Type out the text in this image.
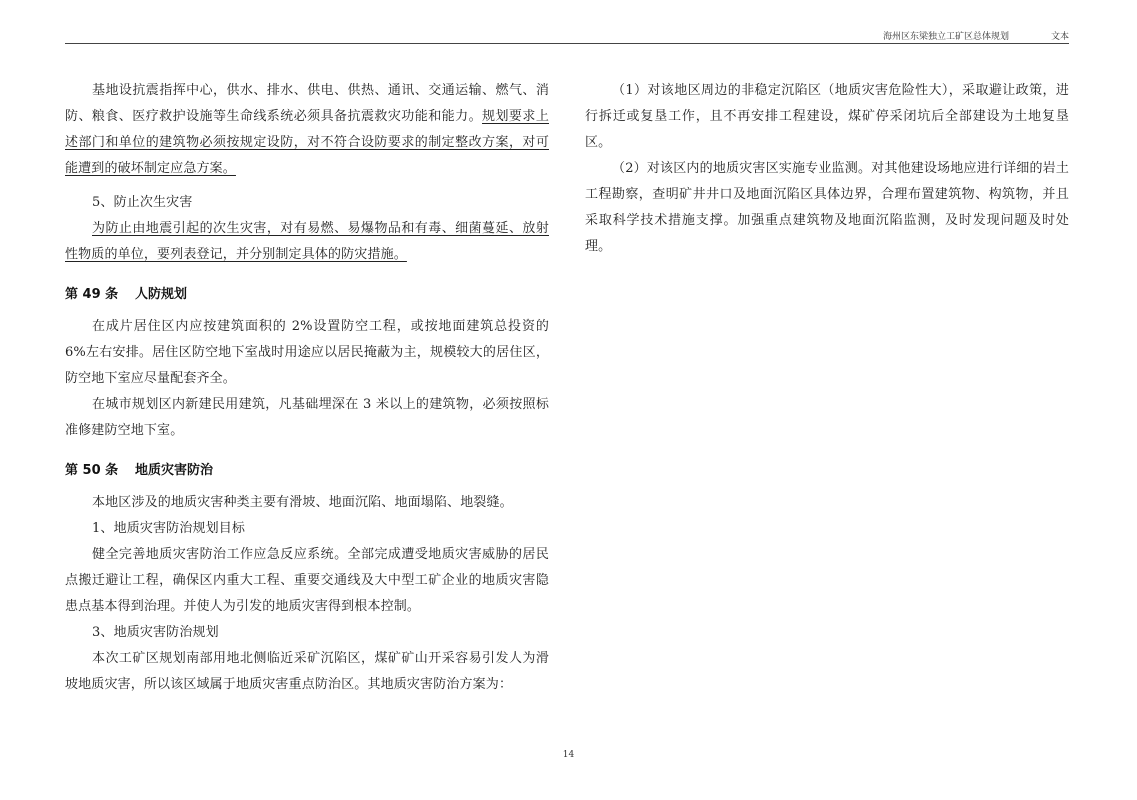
海州区东梁独立工矿区总体规划	文本

基地设抗震指挥中心，供水、排水、供电、供热、通讯、交通运输、燃气、消防、粮食、医疗救护设施等生命线系统必须具备抗震救灾功能和能力。规划要求上述部门和单位的建筑物必须按规定设防，对不符合设防要求的制定整改方案，对可能遭到的破坏制定应急方案。

5、防止次生灾害

为防止由地震引起的次生灾害，对有易燃、易爆物品和有毒、细菌蔓延、放射性物质的单位，要列表登记，并分别制定具体的防灾措施。

第 49 条 人防规划

在成片居住区内应按建筑面积的 2%设置防空工程，或按地面建筑总投资的 6%左右安排。居住区防空地下室战时用途应以居民掩蔽为主，规模较大的居住区，防空地下室应尽量配套齐全。

在城市规划区内新建民用建筑，凡基础埋深在 3 米以上的建筑物，必须按照标准修建防空地下室。

第 50 条 地质灾害防治

本地区涉及的地质灾害种类主要有滑坡、地面沉陷、地面塌陷、地裂缝。

1、地质灾害防治规划目标

健全完善地质灾害防治工作应急反应系统。全部完成遭受地质灾害威胁的居民点搬迁避让工程，确保区内重大工程、重要交通线及大中型工矿企业的地质灾害隐患点基本得到治理。并使人为引发的地质灾害得到根本控制。

3、地质灾害防治规划

本次工矿区规划南部用地北侧临近采矿沉陷区，煤矿矿山开采容易引发人为滑坡地质灾害，所以该区域属于地质灾害重点防治区。其地质灾害防治方案为：

（1）对该地区周边的非稳定沉陷区（地质灾害危险性大），采取避让政策，进行拆迁或复垦工作，且不再安排工程建设，煤矿停采闭坑后全部建设为土地复垦区。

（2）对该区内的地质灾害区实施专业监测。对其他建设场地应进行详细的岩土工程勘察，查明矿井井口及地面沉陷区具体边界，合理布置建筑物、构筑物，并且采取科学技术措施支撑。加强重点建筑物及地面沉陷监测，及时发现问题及时处理。

14
